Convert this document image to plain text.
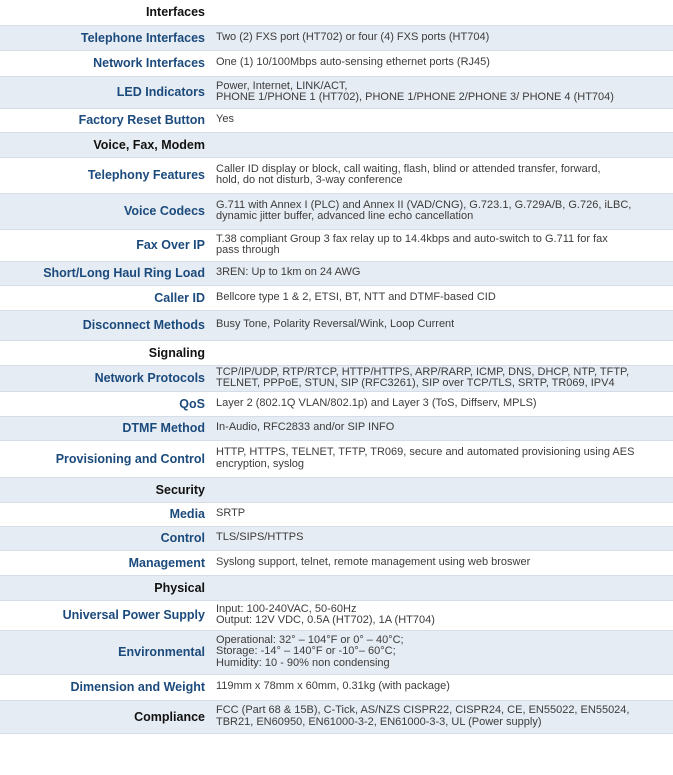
Interfaces	
Telephone Interfaces	Two (2) FXS port (HT702) or four (4) FXS ports (HT704)
Network Interfaces	One (1) 10/100Mbps auto-sensing ethernet ports (RJ45)
LED Indicators	Power, Internet, LINK/ACT,
PHONE 1/PHONE 1 (HT702), PHONE 1/PHONE 2/PHONE 3/ PHONE 4 (HT704)
Factory Reset Button	Yes
Voice, Fax, Modem	
Telephony Features	Caller ID display or block, call waiting, flash, blind or attended transfer, forward,
hold, do not disturb, 3-way conference
Voice Codecs	G.711 with Annex I (PLC) and Annex II (VAD/CNG), G.723.1, G.729A/B, G.726, iLBC,
dynamic jitter buffer, advanced line echo cancellation
Fax Over IP	T.38 compliant Group 3 fax relay up to 14.4kbps and auto-switch to G.711 for fax
pass through
Short/Long Haul Ring Load	3REN: Up to 1km on 24 AWG
Caller ID	Bellcore type 1 & 2, ETSI, BT, NTT and DTMF-based CID
Disconnect Methods	Busy Tone, Polarity Reversal/Wink, Loop Current
Signaling	
Network Protocols	TCP/IP/UDP, RTP/RTCP, HTTP/HTTPS, ARP/RARP, ICMP, DNS, DHCP, NTP, TFTP,
TELNET, PPPoE, STUN, SIP (RFC3261), SIP over TCP/TLS, SRTP, TR069, IPV4
QoS	Layer 2 (802.1Q VLAN/802.1p) and Layer 3 (ToS, Diffserv, MPLS)
DTMF Method	In-Audio, RFC2833 and/or SIP INFO
Provisioning and Control	HTTP, HTTPS, TELNET, TFTP, TR069, secure and automated provisioning using AES
encryption, syslog
Security	
Media	SRTP
Control	TLS/SIPS/HTTPS
Management	Syslong support, telnet, remote management using web broswer
Physical	
Universal Power Supply	Input: 100-240VAC, 50-60Hz
Output: 12V VDC, 0.5A (HT702), 1A (HT704)
Environmental	Operational: 32° – 104°F or 0° – 40°C;
Storage: -14° – 140°F or -10°– 60°C;
Humidity: 10 - 90% non condensing
Dimension and Weight	119mm x 78mm x 60mm, 0.31kg (with package)
Compliance	FCC (Part 68 & 15B), C-Tick, AS/NZS CISPR22, CISPR24, CE, EN55022, EN55024,
TBR21, EN60950, EN61000-3-2, EN61000-3-3, UL (Power supply)
